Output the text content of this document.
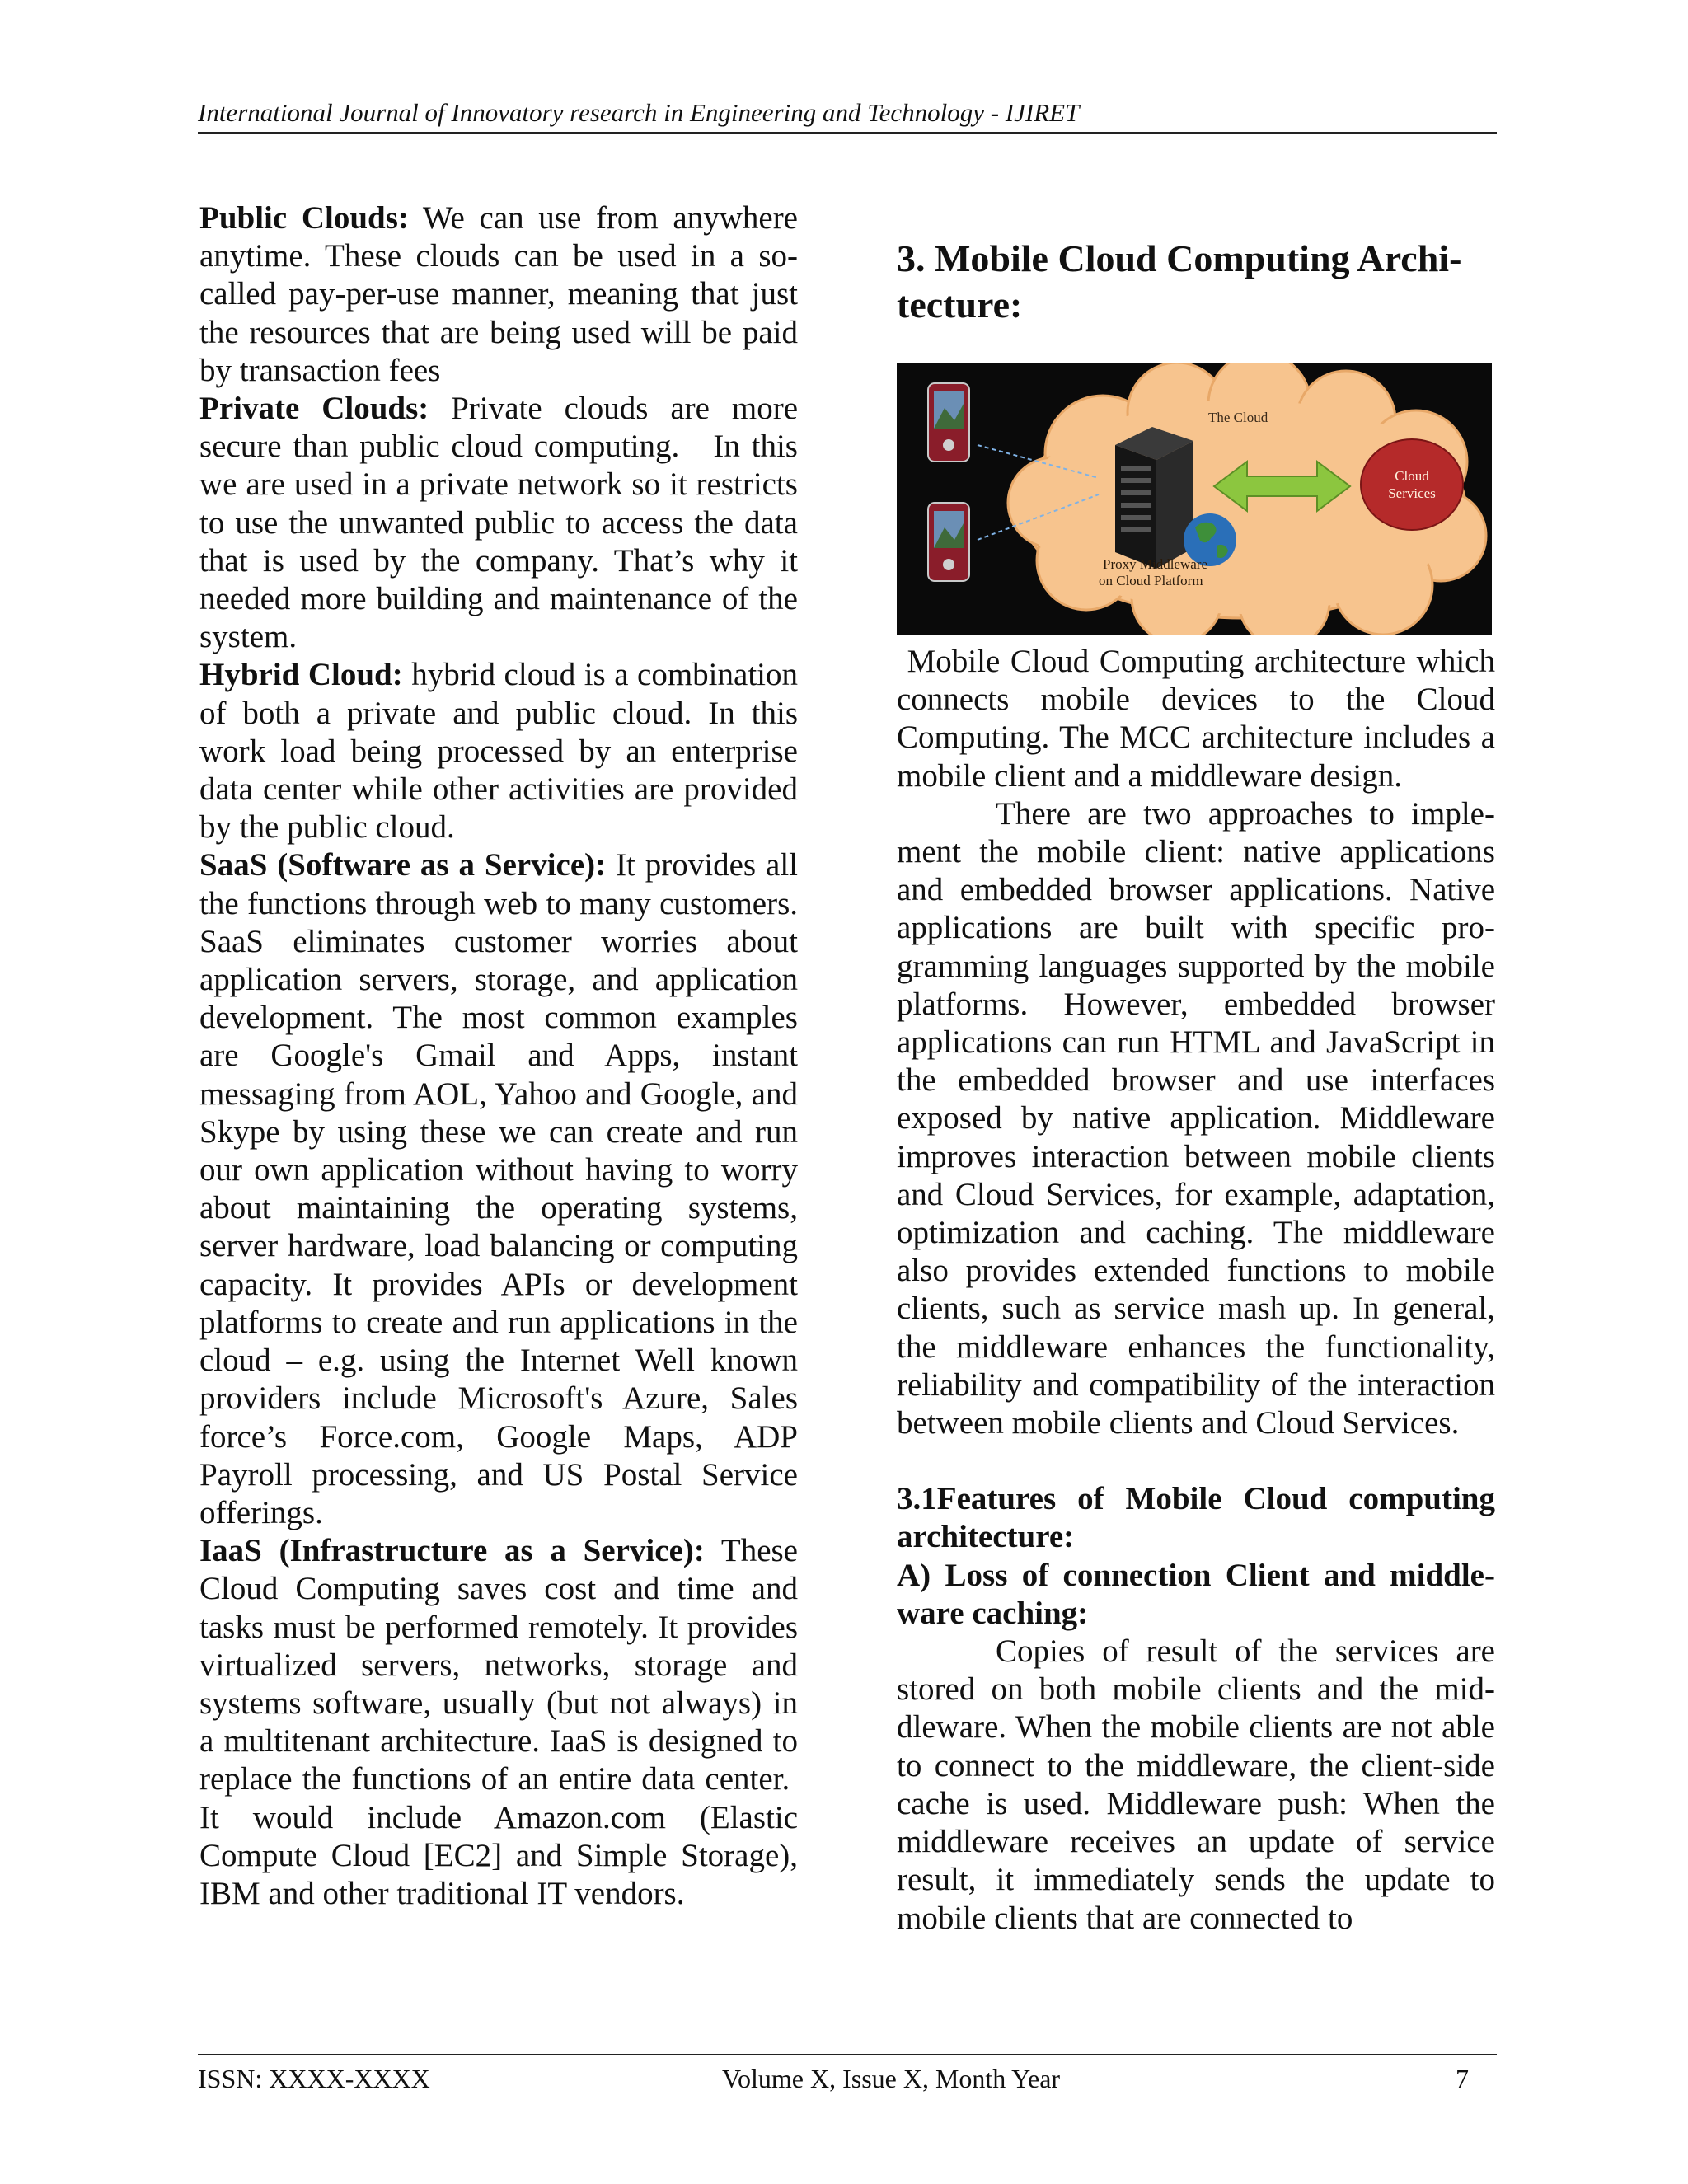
International Journal of Innovatory research in Engineering and Technology - IJIRET

Public Clouds: We can use from anywhere anytime. These clouds can be used in a socalled pay-per-use manner, meaning that just the resources that are being used will be paid by transaction fees

Private Clouds: Private clouds are more secure than public cloud computing.   In this we are used in a private network so it restricts to use the unwanted public to access the data that is used by the company. That’s why it needed more building and maintenance of the system.

Hybrid Cloud: hybrid cloud is a combination of both a private and public cloud. In this work load being processed by an enterprise data center while other activities are provided by the public cloud.

SaaS (Software as a Service): It provides all the functions through web to many customers. SaaS eliminates customer worries about application servers, storage, and application development. The most common examples are Google's Gmail and Apps, instant messaging from AOL, Yahoo and Google, and Skype by using these we can create and run our own application without having to worry about maintaining the operating systems, server hardware, load balancing or computing capacity. It provides APIs or development platforms to create and run applications in the cloud – e.g. using the Internet Well known providers include Microsoft's Azure, Sales force’s Force.com, Google Maps, ADP Payroll processing, and US Postal Service offerings.

IaaS (Infrastructure as a Service): These Cloud Computing saves cost and time and tasks must be performed remotely. It provides virtualized servers, networks, storage and systems software, usually (but not always) in a multitenant architecture. IaaS is designed to replace the functions of an entire data center.  It would include Amazon.com (Elastic Compute Cloud [EC2] and Simple Storage), IBM and other traditional IT vendors.

3. Mobile Cloud Computing Architecture:
The Cloud
Cloud
Services
Proxy Middleware
on Cloud Platform

Mobile Cloud Computing architecture which connects mobile devices to the Cloud Computing. The MCC architecture includes a mobile client and a middleware design.

There are two approaches to implement the mobile client: native applications and embedded browser applications. Native applications are built with specific programming languages supported by the mobile platforms. However, embedded browser applications can run HTML and JavaScript in the embedded browser and use interfaces exposed by native application. Middleware improves interaction between mobile clients and Cloud Services, for example, adaptation, optimization and caching. The middleware also provides extended functions to mobile clients, such as service mash up. In general, the middleware enhances the functionality, reliability and compatibility of the interaction between mobile clients and Cloud Services.

3.1Features of Mobile Cloud computing architecture:

A) Loss of connection Client and middleware caching:

Copies of result of the services are stored on both mobile clients and the middleware. When the mobile clients are not able to connect to the middleware, the client-side cache is used. Middleware push: When the middleware receives an update of service result, it immediately sends the update to mobile clients that are connected to

ISSN: XXXX-XXXX	Volume X, Issue X, Month Year	7
